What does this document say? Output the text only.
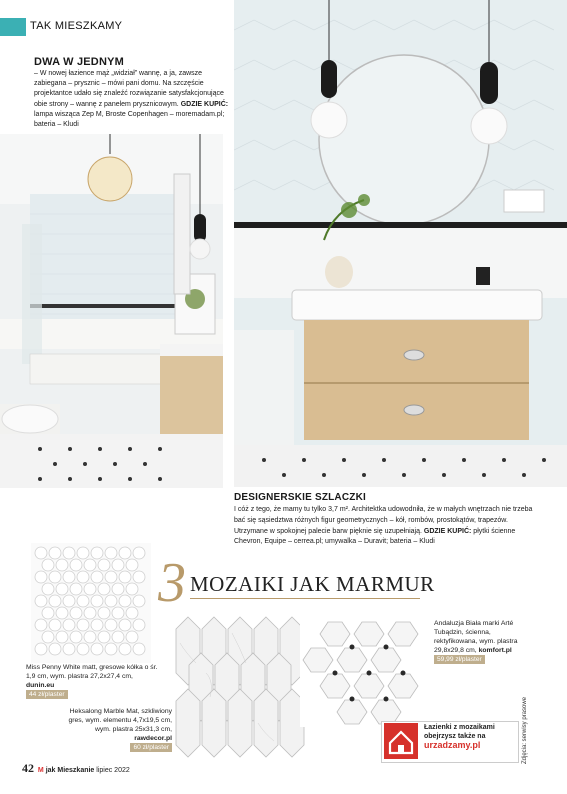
TAK MIESZKAMY
DWA W JEDNYM
– W nowej łazience mąż „widział” wannę, a ja, zawsze zabiegana – prysznic – mówi pani domu. Na szczęście projektantce udało się znaleźć rozwiązanie satysfakcjonujące obie strony – wannę z panelem prysznicowym. GDZIE KUPIĆ: lampa wisząca Zep M, Broste Copenhagen – moremadam.pl; bateria – Kludi
DESIGNERSKIE SZLACZKI
I cóż z tego, że mamy tu tylko 3,7 m². Architektka udowodniła, że w małych wnętrzach nie trzeba bać się sąsiedztwa różnych figur geometrycznych – kół, rombów, prostokątów, trapezów. Utrzymane w spokojnej palecie barw pięknie się uzupełniają. GDZIE KUPIĆ: płytki ścienne Chevron, Equipe – cerrea.pl; umywalka – Duravit; bateria – Kludi
3 MOZAIKI JAK MARMUR
Miss Penny White matt, gresowe kółka o śr. 1,9 cm, wym. plastra 27,2x27,4 cm, dunin.eu
44 zł/plaster
Heksalong Marble Mat, szkliwiony gres, wym. elementu 4,7x19,5 cm, wym. plastra 25x31,3 cm, rawdecor.pl
60 zł/plaster
Andaluzja Biała marki Arté Tubądzin, ścienna, rektyfikowana, wym. plastra 29,8x29,8 cm, komfort.pl
59,99 zł/plaster
Łazienki z mozaikami
obejrzysz także na
urzadzamy.pl	Zdjęcia: serwisy prasowe
42 M jak Mieszkanie lipiec 2022
